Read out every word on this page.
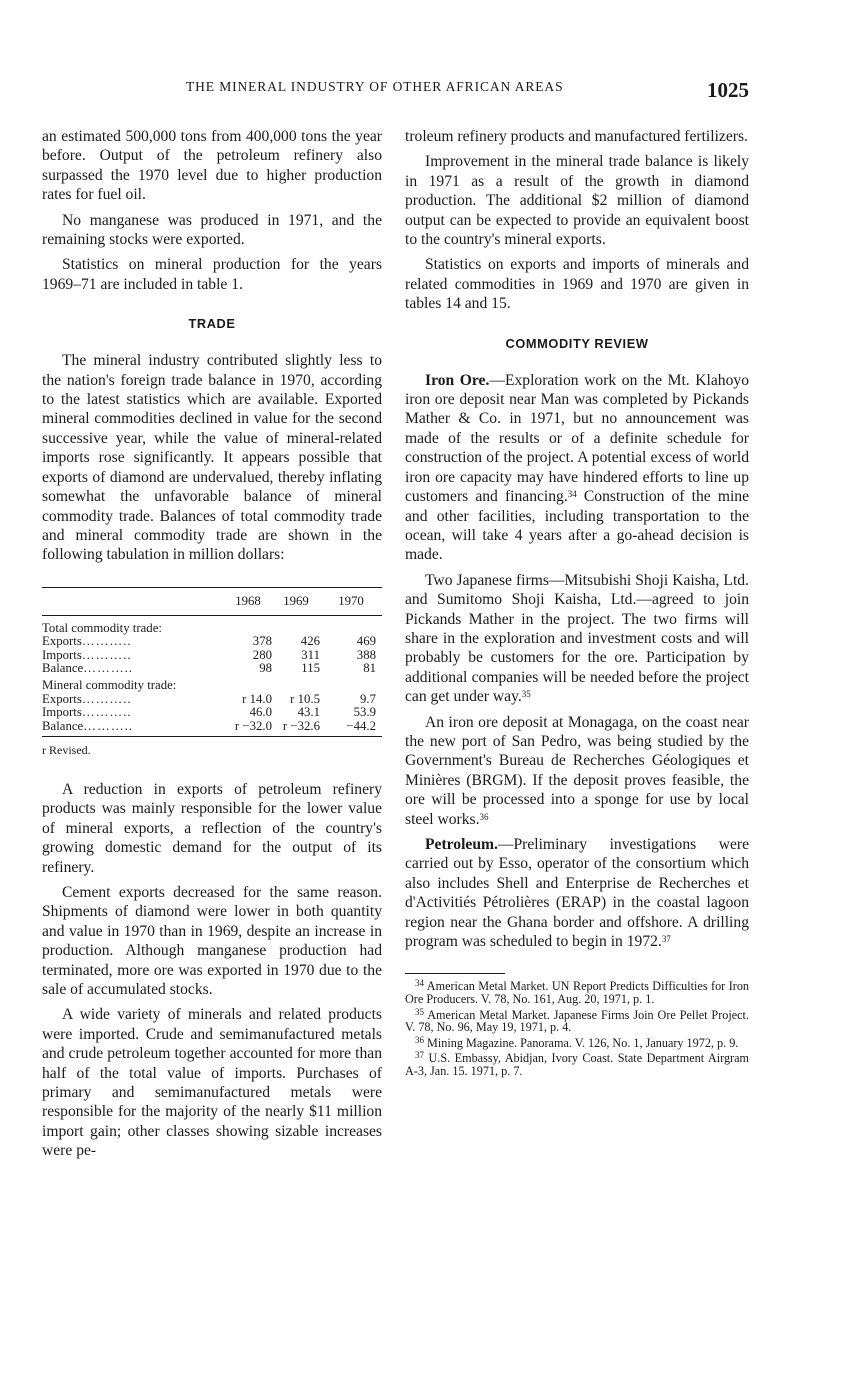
THE MINERAL INDUSTRY OF OTHER AFRICAN AREAS	1025

an estimated 500,000 tons from 400,000 tons the year before. Output of the petroleum refinery also surpassed the 1970 level due to higher production rates for fuel oil.

No manganese was produced in 1971, and the remaining stocks were exported.

Statistics on mineral production for the years 1969–71 are included in table 1.

TRADE

The mineral industry contributed slightly less to the nation's foreign trade balance in 1970, according to the latest statistics which are available. Exported mineral commodities declined in value for the second successive year, while the value of mineral-related imports rose significantly. It appears possible that exports of diamond are undervalued, thereby inflating somewhat the unfavorable balance of mineral commodity trade. Balances of total commodity trade and mineral commodity trade are shown in the following tabulation in million dollars:

	1968	1969	1970
Total commodity trade:			
Exports………..	378	426	469
Imports………..	280	311	388
Balance………..	98	115	81
Mineral commodity trade:			
Exports………..	r 14.0	r 10.5	9.7
Imports………..	46.0	43.1	53.9
Balance………..	r −32.0	r −32.6	−44.2
r Revised.

A reduction in exports of petroleum refinery products was mainly responsible for the lower value of mineral exports, a reflection of the country's growing domestic demand for the output of its refinery.

Cement exports decreased for the same reason. Shipments of diamond were lower in both quantity and value in 1970 than in 1969, despite an increase in production. Although manganese production had terminated, more ore was exported in 1970 due to the sale of accumulated stocks.

A wide variety of minerals and related products were imported. Crude and semimanufactured metals and crude petroleum together accounted for more than half of the total value of imports. Purchases of primary and semimanufactured metals were responsible for the majority of the nearly $11 million import gain; other classes showing sizable increases were pe-

troleum refinery products and manufactured fertilizers.

Improvement in the mineral trade balance is likely in 1971 as a result of the growth in diamond production. The additional $2 million of diamond output can be expected to provide an equivalent boost to the country's mineral exports.

Statistics on exports and imports of minerals and related commodities in 1969 and 1970 are given in tables 14 and 15.

COMMODITY REVIEW

Iron Ore.—Exploration work on the Mt. Klahoyo iron ore deposit near Man was completed by Pickands Mather & Co. in 1971, but no announcement was made of the results or of a definite schedule for construction of the project. A potential excess of world iron ore capacity may have hindered efforts to line up customers and financing.$^{34}$ Construction of the mine and other facilities, including transportation to the ocean, will take 4 years after a go-ahead decision is made.

Two Japanese firms—Mitsubishi Shoji Kaisha, Ltd. and Sumitomo Shoji Kaisha, Ltd.—agreed to join Pickands Mather in the project. The two firms will share in the exploration and investment costs and will probably be customers for the ore. Participation by additional companies will be needed before the project can get under way.$^{35}$

An iron ore deposit at Monagaga, on the coast near the new port of San Pedro, was being studied by the Government's Bureau de Recherches Géologiques et Minières (BRGM). If the deposit proves feasible, the ore will be processed into a sponge for use by local steel works.$^{36}$

Petroleum.—Preliminary investigations were carried out by Esso, operator of the consortium which also includes Shell and Enterprise de Recherches et d'Activitiés Pétrolières (ERAP) in the coastal lagoon region near the Ghana border and offshore. A drilling program was scheduled to begin in 1972.37

$^{34}$ American Metal Market. UN Report Predicts Difficulties for Iron Ore Producers. V. 78, No. 161, Aug. 20, 1971, p. 1.

$^{35}$ American Metal Market. Japanese Firms Join Ore Pellet Project. V. 78, No. 96, May 19, 1971, p. 4.

$^{36}$ Mining Magazine. Panorama. V. 126, No. 1, January 1972, p. 9.

$^{37}$ U.S. Embassy, Abidjan, Ivory Coast. State Department Airgram A-3, Jan. 15. 1971, p. 7.
